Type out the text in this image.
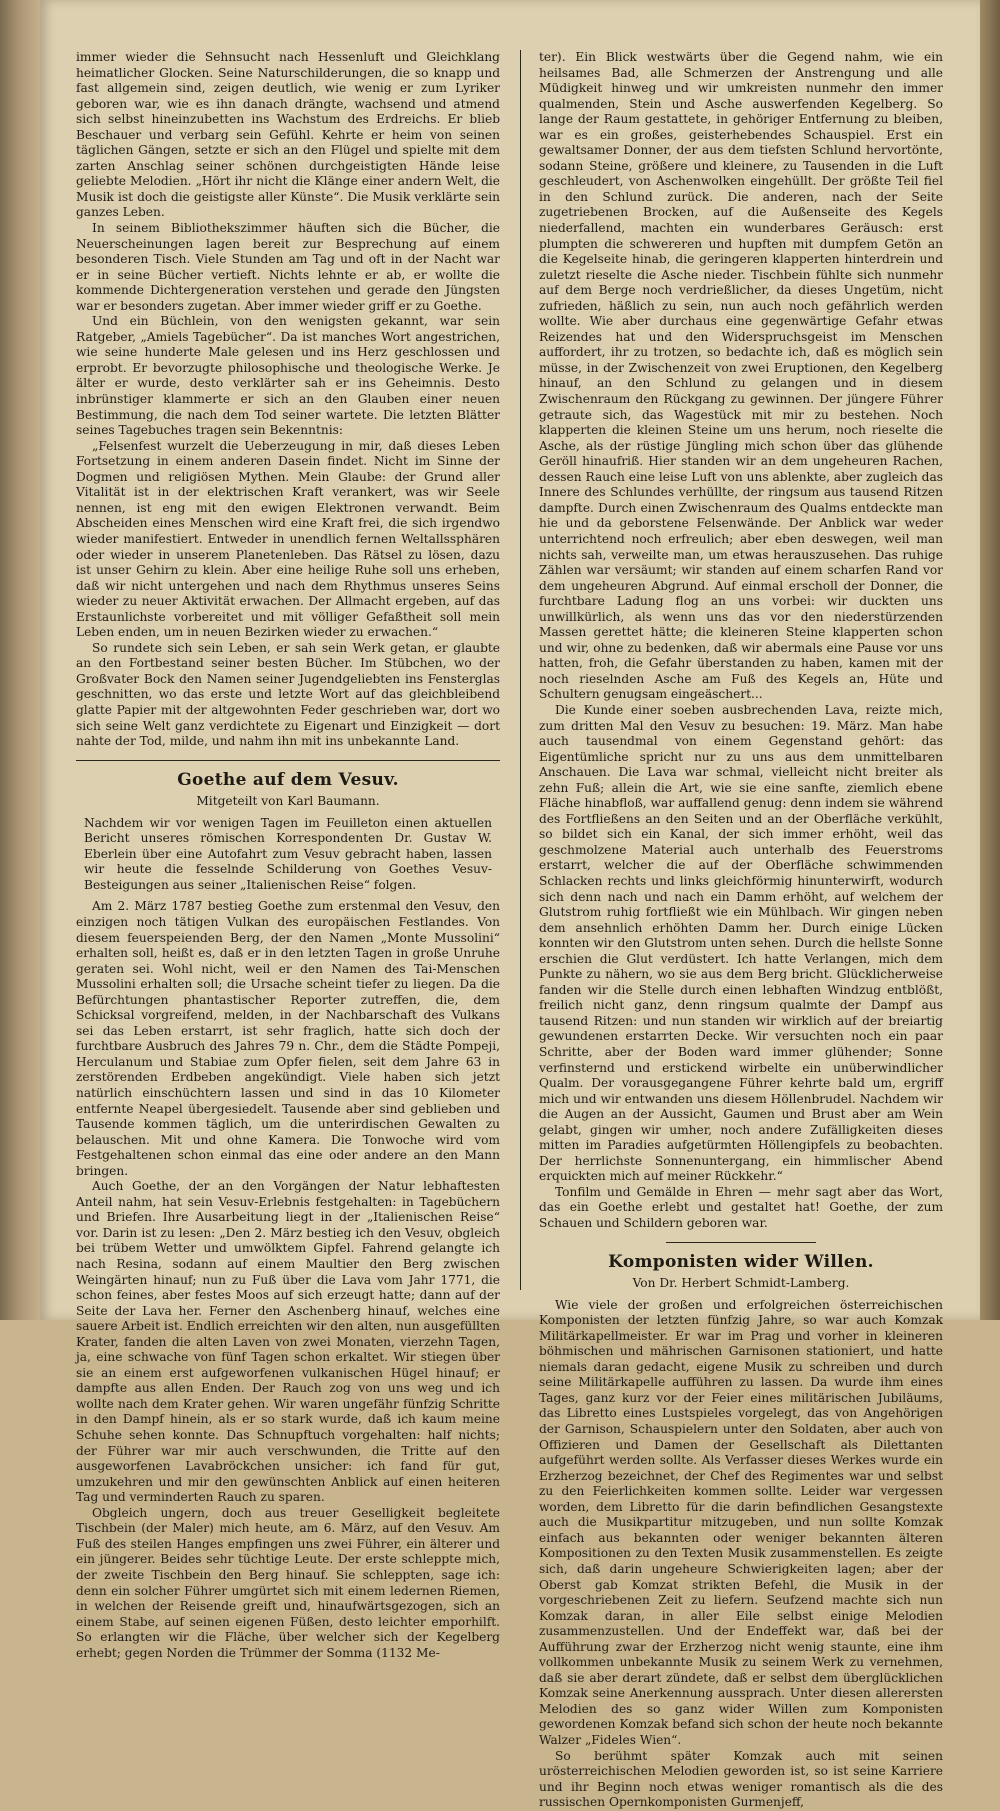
immer wieder die Sehnsucht nach Hessenluft und Gleichklang heimatlicher Glocken. Seine Naturschilderungen, die so knapp und fast allgemein sind, zeigen deutlich, wie wenig er zum Lyriker geboren war, wie es ihn danach drängte, wachsend und atmend sich selbst hineinzubetten ins Wachstum des Erdreichs. Er blieb Beschauer und verbarg sein Gefühl. Kehrte er heim von seinen täglichen Gängen, setzte er sich an den Flügel und spielte mit dem zarten Anschlag seiner schönen durchgeistigten Hände leise geliebte Melodien. „Hört ihr nicht die Klänge einer andern Welt, die Musik ist doch die geistigste aller Künste“. Die Musik verklärte sein ganzes Leben.

In seinem Bibliothekszimmer häuften sich die Bücher, die Neuerscheinungen lagen bereit zur Besprechung auf einem besonderen Tisch. Viele Stunden am Tag und oft in der Nacht war er in seine Bücher vertieft. Nichts lehnte er ab, er wollte die kommende Dichtergeneration verstehen und gerade den Jüngsten war er besonders zugetan. Aber immer wieder griff er zu Goethe.

Und ein Büchlein, von den wenigsten gekannt, war sein Ratgeber, „Amiels Tagebücher“. Da ist manches Wort angestrichen, wie seine hunderte Male gelesen und ins Herz geschlossen und erprobt. Er bevorzugte philosophische und theologische Werke. Je älter er wurde, desto verklärter sah er ins Geheimnis. Desto inbrünstiger klammerte er sich an den Glauben einer neuen Bestimmung, die nach dem Tod seiner wartete. Die letzten Blätter seines Tagebuches tragen sein Bekenntnis:

„Felsenfest wurzelt die Ueberzeugung in mir, daß dieses Leben Fortsetzung in einem anderen Dasein findet. Nicht im Sinne der Dogmen und religiösen Mythen. Mein Glaube: der Grund aller Vitalität ist in der elektrischen Kraft verankert, was wir Seele nennen, ist eng mit den ewigen Elektronen verwandt. Beim Abscheiden eines Menschen wird eine Kraft frei, die sich irgendwo wieder manifestiert. Entweder in unendlich fernen Weltallssphären oder wieder in unserem Planetenleben. Das Rätsel zu lösen, dazu ist unser Gehirn zu klein. Aber eine heilige Ruhe soll uns erheben, daß wir nicht untergehen und nach dem Rhythmus unseres Seins wieder zu neuer Aktivität erwachen. Der Allmacht ergeben, auf das Erstaunlichste vorbereitet und mit völliger Gefaßtheit soll mein Leben enden, um in neuen Bezirken wieder zu erwachen.“

So rundete sich sein Leben, er sah sein Werk getan, er glaubte an den Fortbestand seiner besten Bücher. Im Stübchen, wo der Großvater Bock den Namen seiner Jugendgeliebten ins Fensterglas geschnitten, wo das erste und letzte Wort auf das gleichbleibend glatte Papier mit der altgewohnten Feder geschrieben war, dort wo sich seine Welt ganz verdichtete zu Eigenart und Einzigkeit — dort nahte der Tod, milde, und nahm ihn mit ins unbekannte Land.

Goethe auf dem Vesuv.
Mitgeteilt von Karl Baumann.

Nachdem wir vor wenigen Tagen im Feuilleton einen aktuellen Bericht unseres römischen Korrespondenten Dr. Gustav W. Eberlein über eine Autofahrt zum Vesuv gebracht haben, lassen wir heute die fesselnde Schilderung von Goethes Vesuv-Besteigungen aus seiner „Italienischen Reise“ folgen.

Am 2. März 1787 bestieg Goethe zum erstenmal den Vesuv, den einzigen noch tätigen Vulkan des europäischen Festlandes. Von diesem feuerspeienden Berg, der den Namen „Monte Mussolini“ erhalten soll, heißt es, daß er in den letzten Tagen in große Unruhe geraten sei. Wohl nicht, weil er den Namen des Tai-Menschen Mussolini erhalten soll; die Ursache scheint tiefer zu liegen. Da die Befürchtungen phantastischer Reporter zutreffen, die, dem Schicksal vorgreifend, melden, in der Nachbarschaft des Vulkans sei das Leben erstarrt, ist sehr fraglich, hatte sich doch der furchtbare Ausbruch des Jahres 79 n. Chr., dem die Städte Pompeji, Herculanum und Stabiae zum Opfer fielen, seit dem Jahre 63 in zerstörenden Erdbeben angekündigt. Viele haben sich jetzt natürlich einschüchtern lassen und sind in das 10 Kilometer entfernte Neapel übergesiedelt. Tausende aber sind geblieben und Tausende kommen täglich, um die unterirdischen Gewalten zu belauschen. Mit und ohne Kamera. Die Tonwoche wird vom Festgehaltenen schon einmal das eine oder andere an den Mann bringen.

Auch Goethe, der an den Vorgängen der Natur lebhaftesten Anteil nahm, hat sein Vesuv-Erlebnis festgehalten: in Tagebüchern und Briefen. Ihre Ausarbeitung liegt in der „Italienischen Reise“ vor. Darin ist zu lesen: „Den 2. März bestieg ich den Vesuv, obgleich bei trübem Wetter und umwölktem Gipfel. Fahrend gelangte ich nach Resina, sodann auf einem Maultier den Berg zwischen Weingärten hinauf; nun zu Fuß über die Lava vom Jahr 1771, die schon feines, aber festes Moos auf sich erzeugt hatte; dann auf der Seite der Lava her. Ferner den Aschenberg hinauf, welches eine sauere Arbeit ist. Endlich erreichten wir den alten, nun ausgefüllten Krater, fanden die alten Laven von zwei Monaten, vierzehn Tagen, ja, eine schwache von fünf Tagen schon erkaltet. Wir stiegen über sie an einem erst aufgeworfenen vulkanischen Hügel hinauf; er dampfte aus allen Enden. Der Rauch zog von uns weg und ich wollte nach dem Krater gehen. Wir waren ungefähr fünfzig Schritte in den Dampf hinein, als er so stark wurde, daß ich kaum meine Schuhe sehen konnte. Das Schnupftuch vorgehalten: half nichts; der Führer war mir auch verschwunden, die Tritte auf den ausgeworfenen Lavabröckchen unsicher: ich fand für gut, umzukehren und mir den gewünschten Anblick auf einen heiteren Tag und verminderten Rauch zu sparen.

Obgleich ungern, doch aus treuer Geselligkeit begleitete Tischbein (der Maler) mich heute, am 6. März, auf den Vesuv. Am Fuß des steilen Hanges empfingen uns zwei Führer, ein älterer und ein jüngerer. Beides sehr tüchtige Leute. Der erste schleppte mich, der zweite Tischbein den Berg hinauf. Sie schleppten, sage ich: denn ein solcher Führer umgürtet sich mit einem ledernen Riemen, in welchen der Reisende greift und, hinaufwärtsgezogen, sich an einem Stabe, auf seinen eigenen Füßen, desto leichter emporhilft. So erlangten wir die Fläche, über welcher sich der Kegelberg erhebt; gegen Norden die Trümmer der Somma (1132 Me-

ter). Ein Blick westwärts über die Gegend nahm, wie ein heilsames Bad, alle Schmerzen der Anstrengung und alle Müdigkeit hinweg und wir umkreisten nunmehr den immer qualmenden, Stein und Asche auswerfenden Kegelberg. So lange der Raum gestattete, in gehöriger Entfernung zu bleiben, war es ein großes, geisterhebendes Schauspiel. Erst ein gewaltsamer Donner, der aus dem tiefsten Schlund hervortönte, sodann Steine, größere und kleinere, zu Tausenden in die Luft geschleudert, von Aschenwolken eingehüllt. Der größte Teil fiel in den Schlund zurück. Die anderen, nach der Seite zugetriebenen Brocken, auf die Außenseite des Kegels niederfallend, machten ein wunderbares Geräusch: erst plumpten die schwereren und hupften mit dumpfem Getön an die Kegelseite hinab, die geringeren klapperten hinterdrein und zuletzt rieselte die Asche nieder. Tischbein fühlte sich nunmehr auf dem Berge noch verdrießlicher, da dieses Ungetüm, nicht zufrieden, häßlich zu sein, nun auch noch gefährlich werden wollte. Wie aber durchaus eine gegenwärtige Gefahr etwas Reizendes hat und den Widerspruchsgeist im Menschen auffordert, ihr zu trotzen, so bedachte ich, daß es möglich sein müsse, in der Zwischenzeit von zwei Eruptionen, den Kegelberg hinauf, an den Schlund zu gelangen und in diesem Zwischenraum den Rückgang zu gewinnen. Der jüngere Führer getraute sich, das Wagestück mit mir zu bestehen. Noch klapperten die kleinen Steine um uns herum, noch rieselte die Asche, als der rüstige Jüngling mich schon über das glühende Geröll hinaufriß. Hier standen wir an dem ungeheuren Rachen, dessen Rauch eine leise Luft von uns ablenkte, aber zugleich das Innere des Schlundes verhüllte, der ringsum aus tausend Ritzen dampfte. Durch einen Zwischenraum des Qualms entdeckte man hie und da geborstene Felsenwände. Der Anblick war weder unterrichtend noch erfreulich; aber eben deswegen, weil man nichts sah, verweilte man, um etwas herauszusehen. Das ruhige Zählen war versäumt; wir standen auf einem scharfen Rand vor dem ungeheuren Abgrund. Auf einmal erscholl der Donner, die furchtbare Ladung flog an uns vorbei: wir duckten uns unwillkürlich, als wenn uns das vor den niederstürzenden Massen gerettet hätte; die kleineren Steine klapperten schon und wir, ohne zu bedenken, daß wir abermals eine Pause vor uns hatten, froh, die Gefahr überstanden zu haben, kamen mit der noch rieselnden Asche am Fuß des Kegels an, Hüte und Schultern genugsam eingeäschert...

Die Kunde einer soeben ausbrechenden Lava, reizte mich, zum dritten Mal den Vesuv zu besuchen: 19. März. Man habe auch tausendmal von einem Gegenstand gehört: das Eigentümliche spricht nur zu uns aus dem unmittelbaren Anschauen. Die Lava war schmal, vielleicht nicht breiter als zehn Fuß; allein die Art, wie sie eine sanfte, ziemlich ebene Fläche hinabfloß, war auffallend genug: denn indem sie während des Fortfließens an den Seiten und an der Oberfläche verkühlt, so bildet sich ein Kanal, der sich immer erhöht, weil das geschmolzene Material auch unterhalb des Feuerstroms erstarrt, welcher die auf der Oberfläche schwimmenden Schlacken rechts und links gleichförmig hinunterwirft, wodurch sich denn nach und nach ein Damm erhöht, auf welchem der Glutstrom ruhig fortfließt wie ein Mühlbach. Wir gingen neben dem ansehnlich erhöhten Damm her. Durch einige Lücken konnten wir den Glutstrom unten sehen. Durch die hellste Sonne erschien die Glut verdüstert. Ich hatte Verlangen, mich dem Punkte zu nähern, wo sie aus dem Berg bricht. Glücklicherweise fanden wir die Stelle durch einen lebhaften Windzug entblößt, freilich nicht ganz, denn ringsum qualmte der Dampf aus tausend Ritzen: und nun standen wir wirklich auf der breiartig gewundenen erstarrten Decke. Wir versuchten noch ein paar Schritte, aber der Boden ward immer glühender; Sonne verfinsternd und erstickend wirbelte ein unüberwindlicher Qualm. Der vorausgegangene Führer kehrte bald um, ergriff mich und wir entwanden uns diesem Höllenbrudel. Nachdem wir die Augen an der Aussicht, Gaumen und Brust aber am Wein gelabt, gingen wir umher, noch andere Zufälligkeiten dieses mitten im Paradies aufgetürmten Höllengipfels zu beobachten. Der herrlichste Sonnenuntergang, ein himmlischer Abend erquickten mich auf meiner Rückkehr.“

Tonfilm und Gemälde in Ehren — mehr sagt aber das Wort, das ein Goethe erlebt und gestaltet hat! Goethe, der zum Schauen und Schildern geboren war.

Komponisten wider Willen.
Von Dr. Herbert Schmidt-Lamberg.

Wie viele der großen und erfolgreichen österreichischen Komponisten der letzten fünfzig Jahre, so war auch Komzak Militärkapellmeister. Er war im Prag und vorher in kleineren böhmischen und mährischen Garnisonen stationiert, und hatte niemals daran gedacht, eigene Musik zu schreiben und durch seine Militärkapelle aufführen zu lassen. Da wurde ihm eines Tages, ganz kurz vor der Feier eines militärischen Jubiläums, das Libretto eines Lustspieles vorgelegt, das von Angehörigen der Garnison, Schauspielern unter den Soldaten, aber auch von Offizieren und Damen der Gesellschaft als Dilettanten aufgeführt werden sollte. Als Verfasser dieses Werkes wurde ein Erzherzog bezeichnet, der Chef des Regimentes war und selbst zu den Feierlichkeiten kommen sollte. Leider war vergessen worden, dem Libretto für die darin befindlichen Gesangstexte auch die Musikpartitur mitzugeben, und nun sollte Komzak einfach aus bekannten oder weniger bekannten älteren Kompositionen zu den Texten Musik zusammenstellen. Es zeigte sich, daß darin ungeheure Schwierigkeiten lagen; aber der Oberst gab Komzat strikten Befehl, die Musik in der vorgeschriebenen Zeit zu liefern. Seufzend machte sich nun Komzak daran, in aller Eile selbst einige Melodien zusammenzustellen. Und der Endeffekt war, daß bei der Aufführung zwar der Erzherzog nicht wenig staunte, eine ihm vollkommen unbekannte Musik zu seinem Werk zu vernehmen, daß sie aber derart zündete, daß er selbst dem überglücklichen Komzak seine Anerkennung aussprach. Unter diesen allerersten Melodien des so ganz wider Willen zum Komponisten gewordenen Komzak befand sich schon der heute noch bekannte Walzer „Fideles Wien“.

So berühmt später Komzak auch mit seinen urösterreichischen Melodien geworden ist, so ist seine Karriere und ihr Beginn noch etwas weniger romantisch als die des russischen Opernkomponisten Gurmenjeff,
